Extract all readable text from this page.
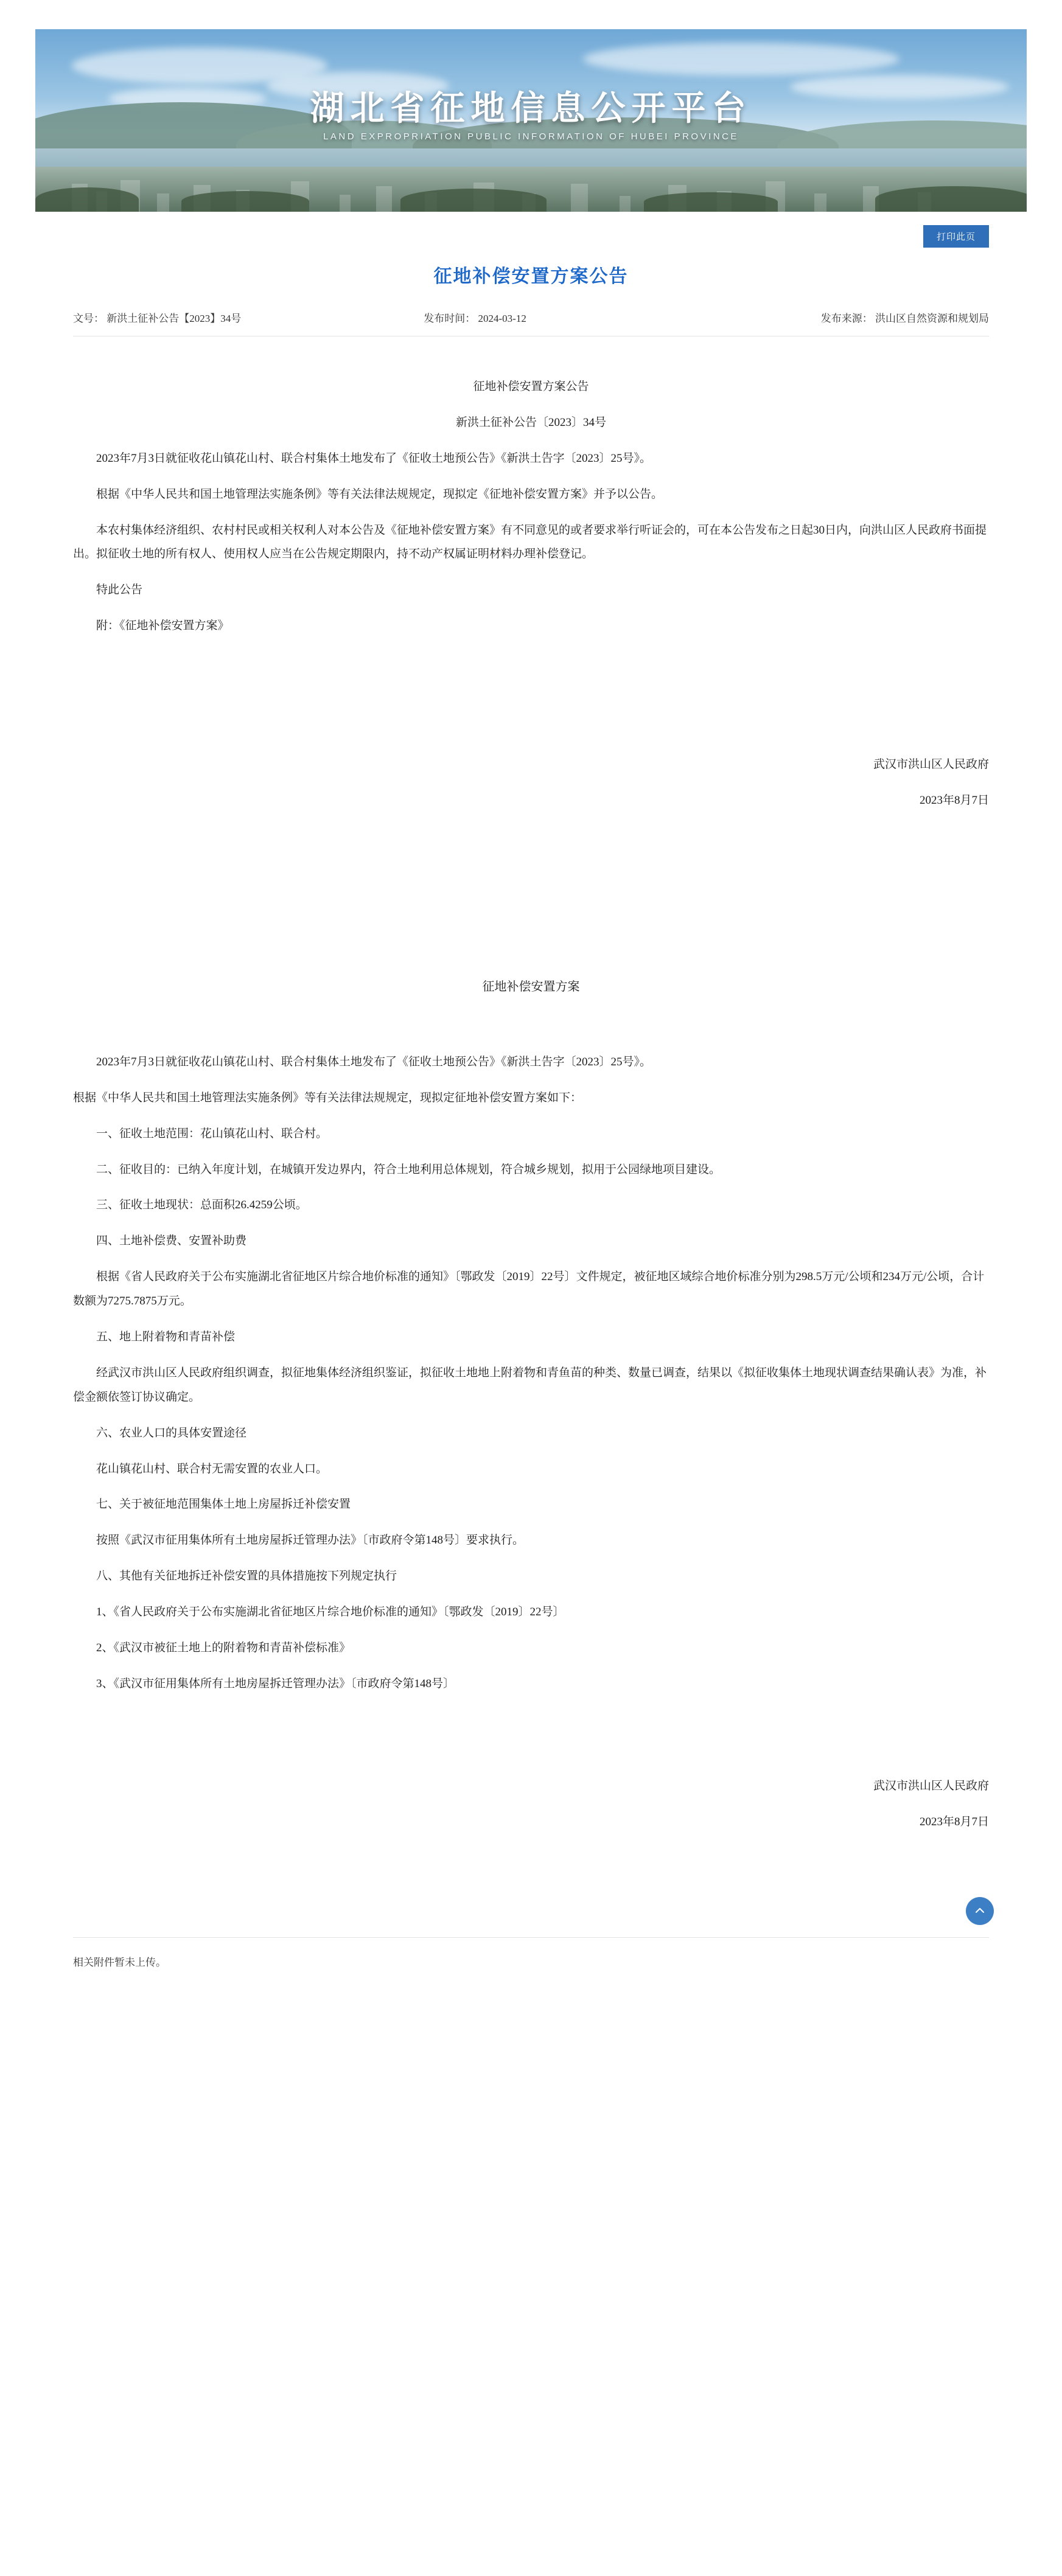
湖北省征地信息公开平台
LAND EXPROPRIATION PUBLIC INFORMATION OF HUBEI PROVINCE
打印此页
征地补偿安置方案公告
文号： 新洪土征补公告【2023】34号	发布时间： 2024-03-12	发布来源： 洪山区自然资源和规划局

征地补偿安置方案公告

新洪土征补公告〔2023〕34号

2023年7月3日就征收花山镇花山村、联合村集体土地发布了《征收土地预公告》《新洪土告字〔2023〕25号》。

根据《中华人民共和国土地管理法实施条例》等有关法律法规规定，现拟定《征地补偿安置方案》并予以公告。

本农村集体经济组织、农村村民或相关权利人对本公告及《征地补偿安置方案》有不同意见的或者要求举行听证会的，可在本公告发布之日起30日内，向洪山区人民政府书面提出。拟征收土地的所有权人、使用权人应当在公告规定期限内，持不动产权属证明材料办理补偿登记。

特此公告

附：《征地补偿安置方案》

武汉市洪山区人民政府

2023年8月7日

征地补偿安置方案

2023年7月3日就征收花山镇花山村、联合村集体土地发布了《征收土地预公告》《新洪土告字〔2023〕25号》。

根据《中华人民共和国土地管理法实施条例》等有关法律法规规定，现拟定征地补偿安置方案如下：

一、征收土地范围：花山镇花山村、联合村。

二、征收目的：已纳入年度计划，在城镇开发边界内，符合土地利用总体规划，符合城乡规划，拟用于公园绿地项目建设。

三、征收土地现状：总面积26.4259公顷。

四、土地补偿费、安置补助费

根据《省人民政府关于公布实施湖北省征地区片综合地价标准的通知》〔鄂政发〔2019〕22号〕文件规定，被征地区域综合地价标准分别为298.5万元/公顷和234万元/公顷，合计数额为7275.7875万元。

五、地上附着物和青苗补偿

经武汉市洪山区人民政府组织调查，拟征地集体经济组织鉴证，拟征收土地地上附着物和青鱼苗的种类、数量已调查，结果以《拟征收集体土地现状调查结果确认表》为准，补偿金额依签订协议确定。

六、农业人口的具体安置途径

花山镇花山村、联合村无需安置的农业人口。

七、关于被征地范围集体土地上房屋拆迁补偿安置

按照《武汉市征用集体所有土地房屋拆迁管理办法》〔市政府令第148号〕要求执行。

八、其他有关征地拆迁补偿安置的具体措施按下列规定执行

1、《省人民政府关于公布实施湖北省征地区片综合地价标准的通知》〔鄂政发〔2019〕22号〕

2、《武汉市被征土地上的附着物和青苗补偿标准》

3、《武汉市征用集体所有土地房屋拆迁管理办法》〔市政府令第148号〕

武汉市洪山区人民政府

2023年8月7日

相关附件暂未上传。
